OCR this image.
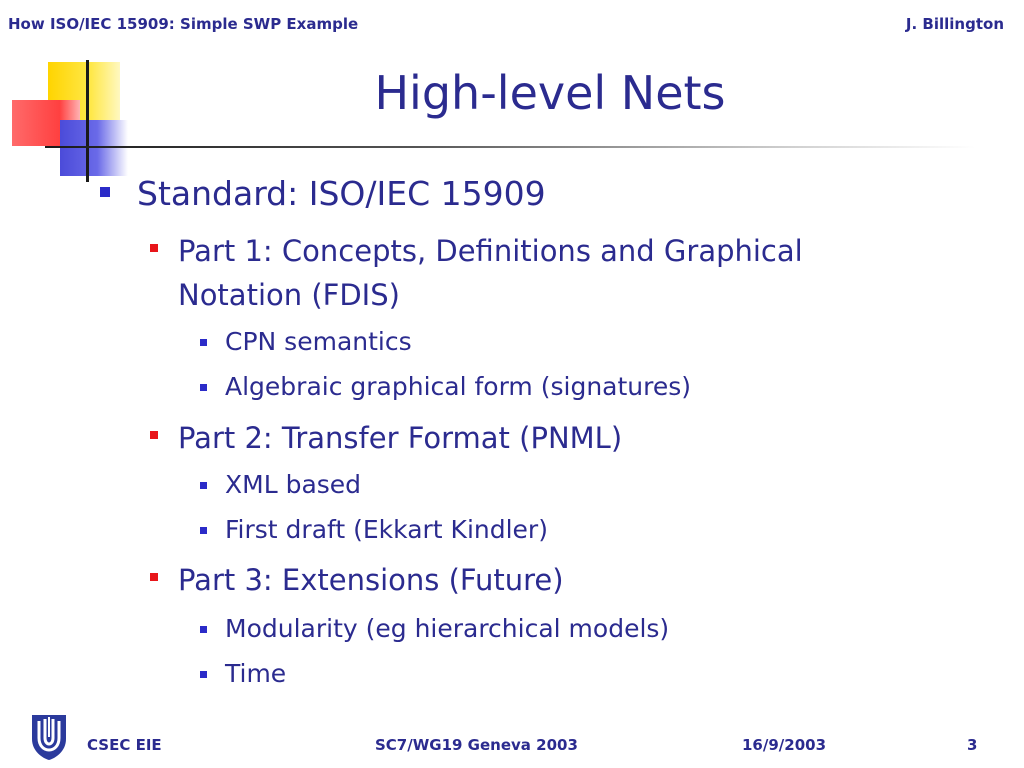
How ISO/IEC 15909: Simple SWP Example	J. Billington
High-level Nets
Standard: ISO/IEC 15909
Part 1: Concepts, Definitions and Graphical Notation (FDIS)
CPN semantics
Algebraic graphical form (signatures)
Part 2: Transfer Format (PNML)
XML based
First draft (Ekkart Kindler)
Part 3: Extensions (Future)
Modularity (eg hierarchical models)
Time
CSEC EIE	SC7/WG19 Geneva 2003	16/9/2003	3
